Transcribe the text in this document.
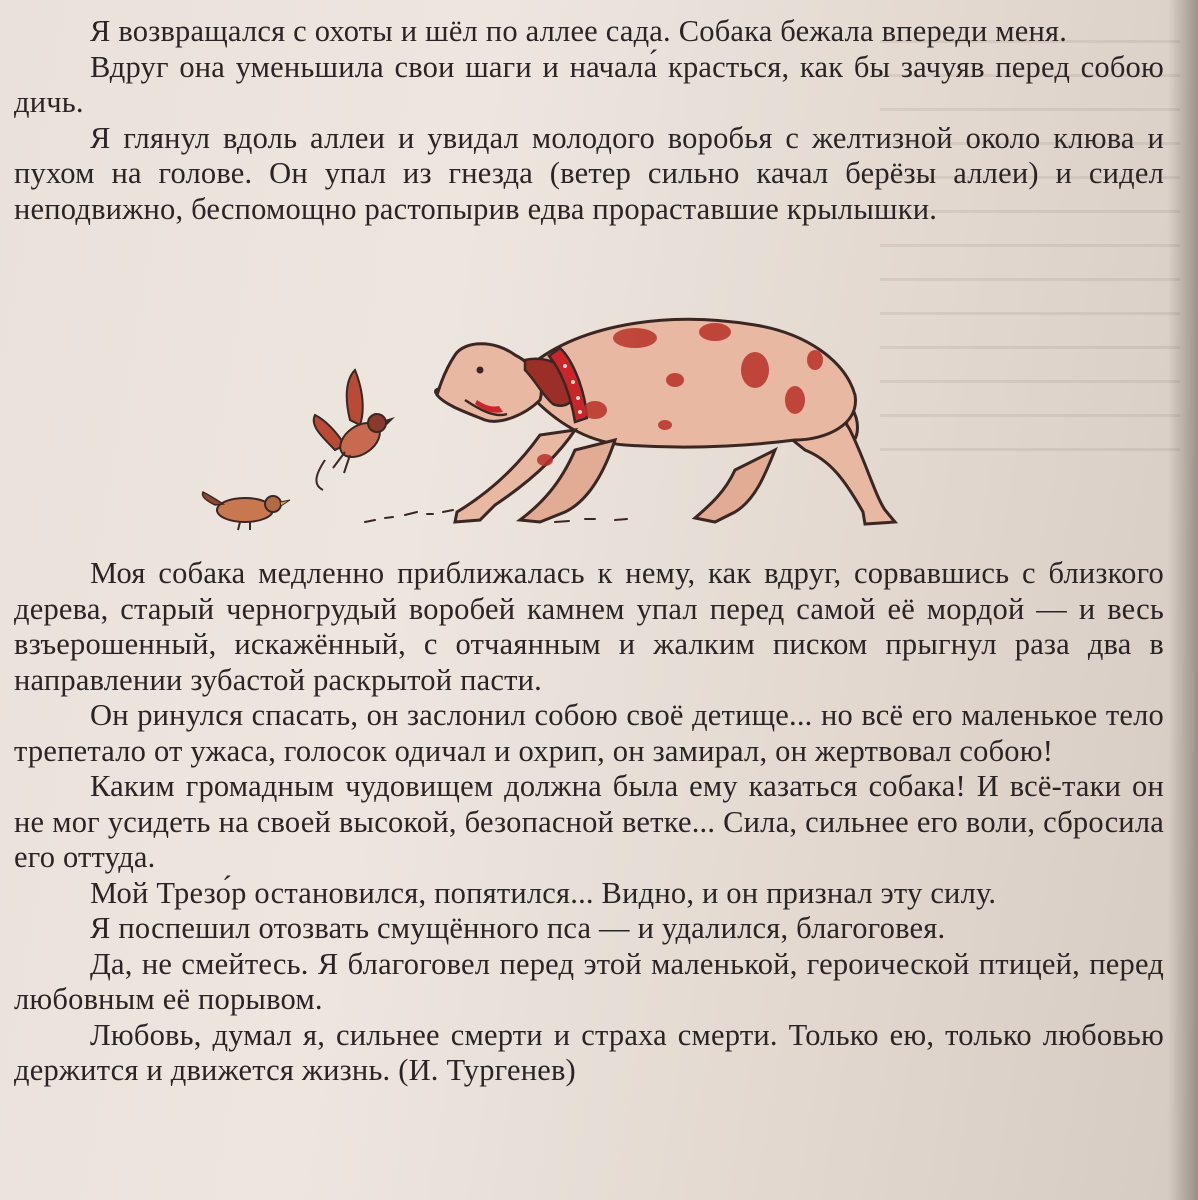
Я возвращался с охоты и шёл по аллее сада. Собака бежала впереди меня.

Вдруг она уменьшила свои шаги и начала́ красться, как бы зачуяв перед собою дичь.

Я глянул вдоль аллеи и увидал молодого воробья с желтизной около клюва и пухом на голове. Он упал из гнезда (ветер сильно качал берёзы аллеи) и сидел неподвижно, беспомощно растопырив едва прораставшие крылышки.

Моя собака медленно приближалась к нему, как вдруг, сорвавшись с близкого дерева, старый черногрудый воробей камнем упал перед самой её мордой — и весь взъерошенный, искажённый, с отчаянным и жалким писком прыгнул раза два в направлении зубастой раскрытой пасти.

Он ринулся спасать, он заслонил собою своё детище... но всё его маленькое тело трепетало от ужаса, голосок одичал и охрип, он замирал, он жертвовал собою!

Каким громадным чудовищем должна была ему казаться собака! И всё-таки он не мог усидеть на своей высокой, безопасной ветке... Сила, сильнее его воли, сбросила его оттуда.

Мой Трезо́р остановился, попятился... Видно, и он признал эту силу.

Я поспешил отозвать смущённого пса — и удалился, благоговея.

Да, не смейтесь. Я благоговел перед этой маленькой, героической птицей, перед любовным её порывом.

Любовь, думал я, сильнее смерти и страха смерти. Только ею, только любовью держится и движется жизнь. (И. Тургенев)
